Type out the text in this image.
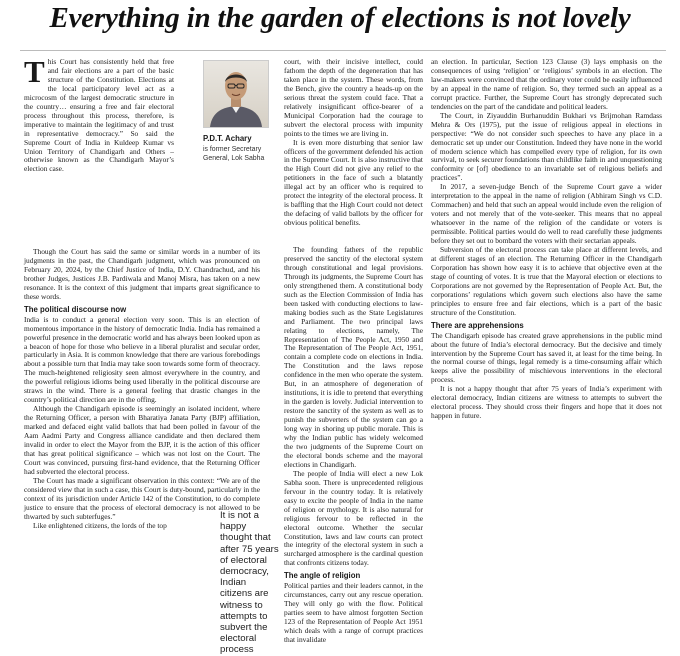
Everything in the garden of elections is not lovely

This Court has consistently held that free and fair elections are a part of the basic structure of the Constitution. Elections at the local participatory level act as a microcosm of the largest democratic structure in the country… ensuring a free and fair electoral process throughout this process, therefore, is imperative to maintain the legitimacy of and trust in representative democracy.” So said the Supreme Court of India in Kuldeep Kumar vs Union Territory of Chandigarh and Others – otherwise known as the Chandigarh Mayor’s election case.

P.D.T. Achary
is former Secretary General, Lok Sabha

Though the Court has said the same or similar words in a number of its judgments in the past, the Chandigarh judgment, which was pronounced on February 20, 2024, by the Chief Justice of India, D.Y. Chandrachud, and his brother Judges, Justices J.B. Pardiwala and Manoj Misra, has taken on a new resonance. It is the context of this judgment that imparts great significance to these words.

The political discourse now

India is to conduct a general election very soon. This is an election of momentous importance in the history of democratic India. India has remained a powerful presence in the democratic world and has always been looked upon as a beacon of hope for those who believe in a liberal pluralist and secular order, particularly in Asia. It is common knowledge that there are various forebodings about a possible turn that India may take soon towards some form of theocracy. The much-heightened religiosity seen almost everywhere in the country, and the powerful religious idioms being used liberally in the political discourse are straws in the wind. There is a general feeling that drastic changes in the country’s political direction are in the offing.

Although the Chandigarh episode is seemingly an isolated incident, where the Returning Officer, a person with Bharatiya Janata Party (BJP) affiliation, marked and defaced eight valid ballots that had been polled in favour of the Aam Aadmi Party and Congress alliance candidate and then declared them invalid in order to elect the Mayor from the BJP, it is the action of this officer that has great political significance – which was not lost on the Court. The Court was convinced, pursuing first-hand evidence, that the Returning Officer had subverted the electoral process.

The Court has made a significant observation in this context: “We are of the considered view that in such a case, this Court is duty-bound, particularly in the context of its jurisdiction under Article 142 of the Constitution, to do complete justice to ensure that the process of electoral democracy is not allowed to be thwarted by such subterfuges.”

Like enlightened citizens, the lords of the top

court, with their incisive intellect, could fathom the depth of the degeneration that has taken place in the system. These words, from the Bench, give the country a heads-up on the serious threat the system could face. That a relatively insignificant office-bearer of a Municipal Corporation had the courage to subvert the electoral process with impunity points to the times we are living in.

It is even more disturbing that senior law officers of the government defended his action in the Supreme Court. It is also instructive that the High Court did not give any relief to the petitioners in the face of such a blatantly illegal act by an officer who is required to protect the integrity of the electoral process. It is baffling that the High Court could not detect the defacing of valid ballots by the officer for obvious political benefits.

The founding fathers of the republic preserved the sanctity of the electoral system through constitutional and legal provisions. Through its judgments, the Supreme Court has only strengthened them. A constitutional body such as the Election Commission of India has been tasked with conducting elections to law-making bodies such as the State Legislatures and Parliament. The two principal laws relating to elections, namely, The Representation of The People Act, 1950 and The Representation of The People Act, 1951, contain a complete code on elections in India. The Constitution and the laws repose confidence in the men who operate the system. But, in an atmosphere of degeneration of institutions, it is idle to pretend that everything in the garden is lovely. Judicial intervention to restore the sanctity of the system as well as to punish the subverters of the system can go a long way in shoring up public morale. This is why the Indian public has widely welcomed the two judgments of the Supreme Court on the electoral bonds scheme and the mayoral elections in Chandigarh.

The people of India will elect a new Lok Sabha soon. There is unprecedented religious fervour in the country today. It is relatively easy to excite the people of India in the name of religion or mythology. It is also natural for religious fervour to be reflected in the electoral outcome. Whether the secular Constitution, laws and law courts can protect the integrity of the electoral system in such a surcharged atmosphere is the cardinal question that confronts citizens today.

The angle of religion

Political parties and their leaders cannot, in the circumstances, carry out any rescue operation. They will only go with the flow. Political parties seem to have almost forgotten Section 123 of the Representation of People Act 1951 which deals with a range of corrupt practices that invalidate

an election. In particular, Section 123 Clause (3) lays emphasis on the consequences of using ‘religion’ or ‘religious’ symbols in an election. The law-makers were convinced that the ordinary voter could be easily influenced by an appeal in the name of religion. So, they termed such an appeal as a corrupt practice. Further, the Supreme Court has strongly deprecated such tendencies on the part of the candidate and political leaders.

The Court, in Ziyauddin Burhanuddin Bukhari vs Brijmohan Ramdass Mehra & Ors (1975), put the issue of religious appeal in elections in perspective: “We do not consider such speeches to have any place in a democratic set up under our Constitution. Indeed they have none in the world of modern science which has compelled every type of religion, for its own survival, to seek securer foundations than childlike faith in and unquestioning conformity or [of] obedience to an invariable set of religious beliefs and practices”.

In 2017, a seven-judge Bench of the Supreme Court gave a wider interpretation to the appeal in the name of religion (Abhiram Singh vs C.D. Commachen) and held that such an appeal would include even the religion of voters and not merely that of the vote-seeker. This means that no appeal whatsoever in the name of the religion of the candidate or voters is permissible. Political parties would do well to read carefully these judgments before they set out to bombard the voters with their sectarian appeals.

Subversion of the electoral process can take place at different levels, and at different stages of an election. The Returning Officer in the Chandigarh Corporation has shown how easy it is to achieve that objective even at the stage of counting of votes. It is true that the Mayoral election or elections to Corporations are not governed by the Representation of People Act. But, the corporations’ regulations which govern such elections also have the same principles to ensure free and fair elections, which is a part of the basic structure of the Constitution.

There are apprehensions

The Chandigarh episode has created grave apprehensions in the public mind about the future of India’s electoral democracy. But the decisive and timely intervention by the Supreme Court has saved it, at least for the time being. In the normal course of things, legal remedy is a time-consuming affair which keeps alive the possibility of mischievous interventions in the electoral process.

It is not a happy thought that after 75 years of India’s experiment with electoral democracy, Indian citizens are witness to attempts to subvert the electoral process. They should cross their fingers and hope that it does not happen in future.

It is not a happy thought that after 75 years of electoral democracy, Indian citizens are witness to attempts to subvert the electoral process
